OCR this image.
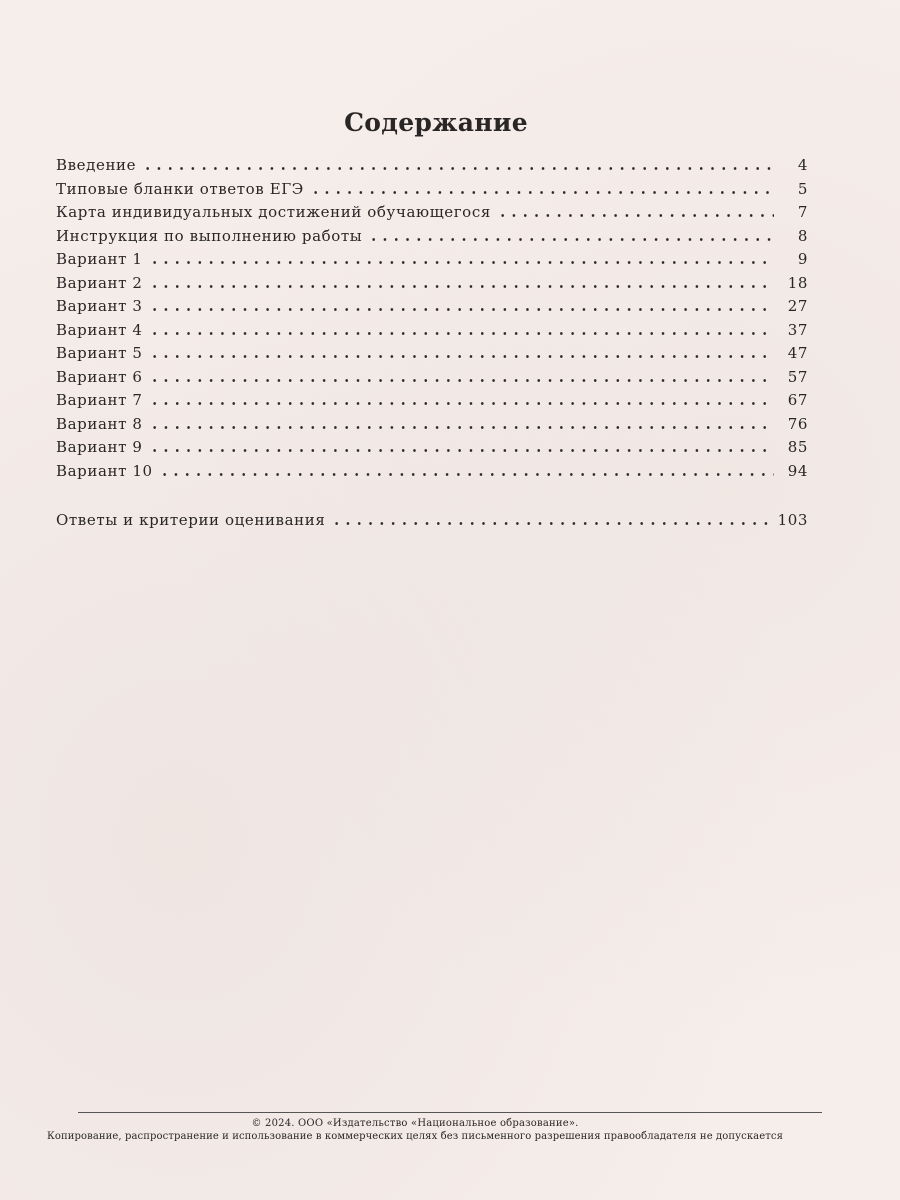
Содержание
Введение	4
Типовые бланки ответов ЕГЭ	5
Карта индивидуальных достижений обучающегося	7
Инструкция по выполнению работы	8
Вариант 1	9
Вариант 2	18
Вариант 3	27
Вариант 4	37
Вариант 5	47
Вариант 6	57
Вариант 7	67
Вариант 8	76
Вариант 9	85
Вариант 10	94
Ответы и критерии оценивания	103
© 2024. ООО «Издательство «Национальное образование».
Копирование, распространение и использование в коммерческих целях без письменного разрешения правообладателя не допускается
